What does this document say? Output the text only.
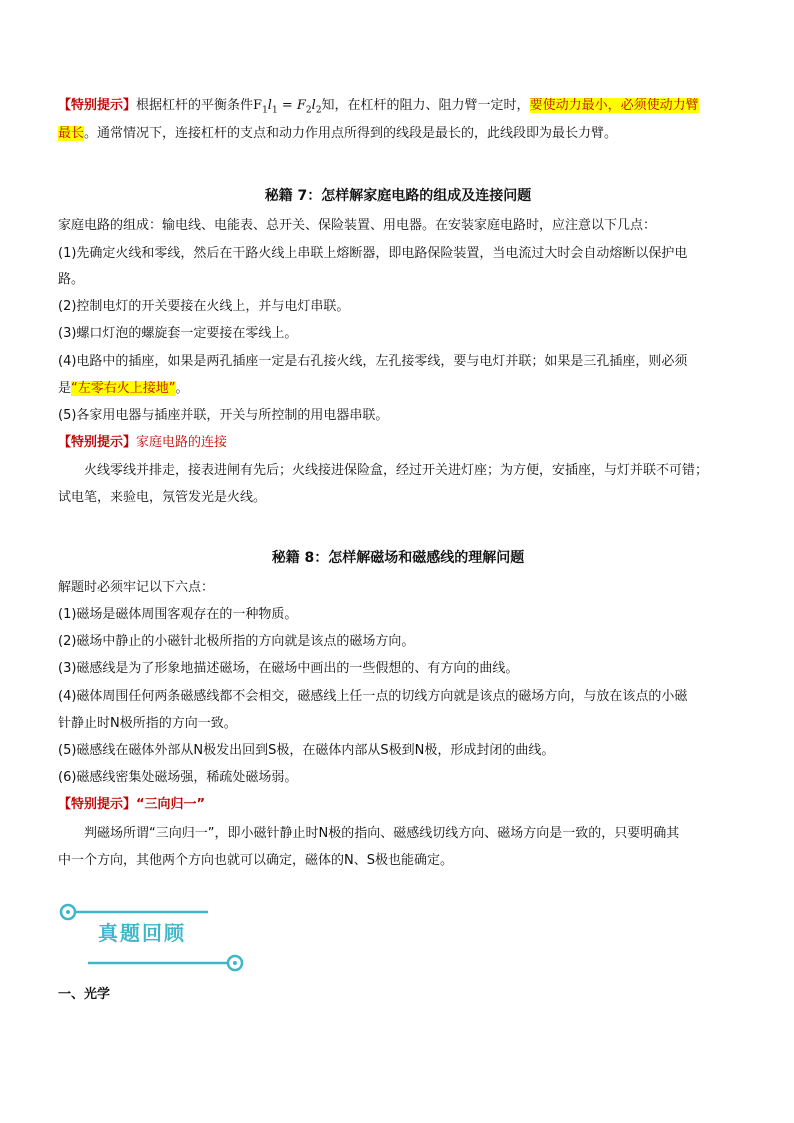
【特别提示】根据杠杆的平衡条件$F_1l_1 = F_2l_2$知，在杠杆的阻力、阻力臂一定时，要使动力最小，必须使动力臂
最长。通常情况下，连接杠杆的支点和动力作用点所得到的线段是最长的，此线段即为最长力臂。
秘籍 7：怎样解家庭电路的组成及连接问题
家庭电路的组成：输电线、电能表、总开关、保险装置、用电器。在安装家庭电路时，应注意以下几点：
(1)先确定火线和零线，然后在干路火线上串联上熔断器，即电路保险装置，当电流过大时会自动熔断以保护电
路。
(2)控制电灯的开关要接在火线上，并与电灯串联。
(3)螺口灯泡的螺旋套一定要接在零线上。
(4)电路中的插座，如果是两孔插座一定是右孔接火线，左孔接零线，要与电灯并联；如果是三孔插座，则必须
是“左零右火上接地”。
(5)各家用电器与插座并联，开关与所控制的用电器串联。
【特别提示】家庭电路的连接
火线零线并排走，接表进闸有先后；火线接进保险盒，经过开关进灯座；为方便，安插座，与灯并联不可错；
试电笔，来验电，氖管发光是火线。
秘籍 8：怎样解磁场和磁感线的理解问题
解题时必须牢记以下六点：
(1)磁场是磁体周围客观存在的一种物质。
(2)磁场中静止的小磁针北极所指的方向就是该点的磁场方向。
(3)磁感线是为了形象地描述磁场，在磁场中画出的一些假想的、有方向的曲线。
(4)磁体周围任何两条磁感线都不会相交，磁感线上任一点的切线方向就是该点的磁场方向，与放在该点的小磁
针静止时N极所指的方向一致。
(5)磁感线在磁体外部从N极发出回到S极，在磁体内部从S极到N极，形成封闭的曲线。
(6)磁感线密集处磁场强，稀疏处磁场弱。
【特别提示】“三向归一”
判磁场所谓“三向归一”，即小磁针静止时N极的指向、磁感线切线方向、磁场方向是一致的，只要明确其
中一个方向，其他两个方向也就可以确定，磁体的N、S极也能确定。
真题回顾
一、光学
